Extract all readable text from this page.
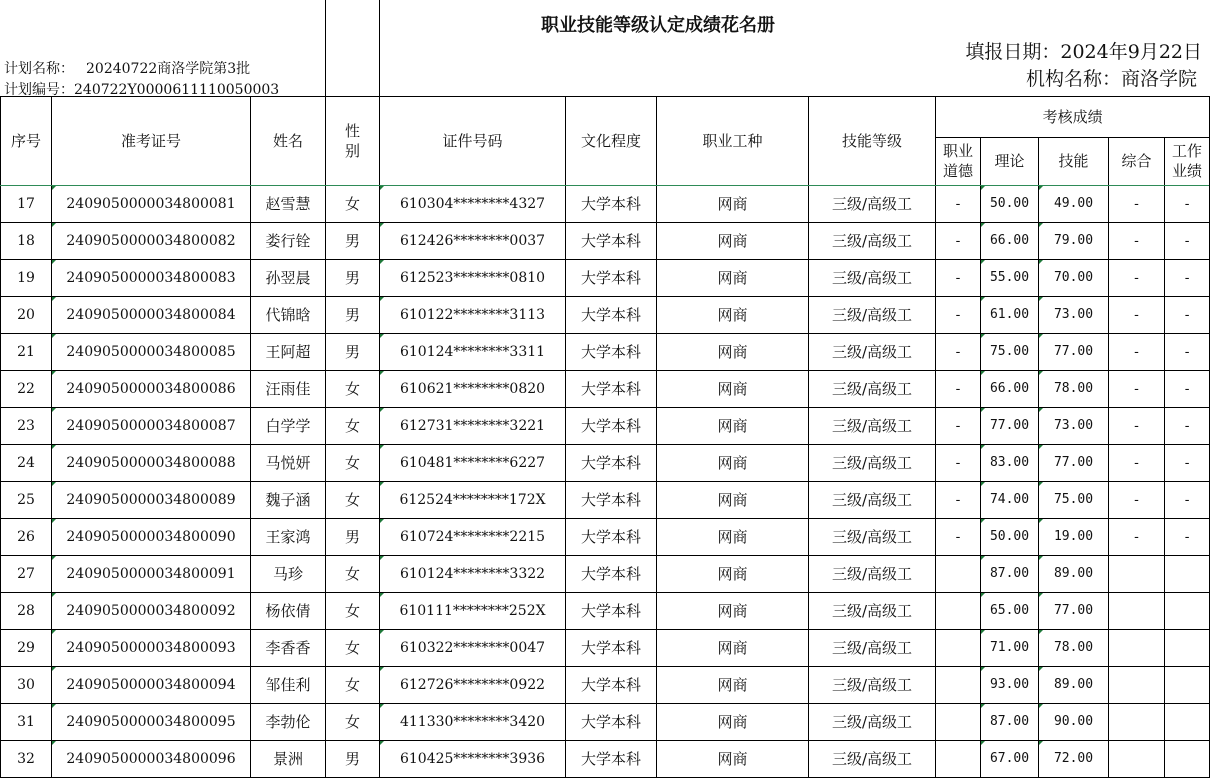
序号	准考证号	姓名	性别	证件号码	文化程度	职业工种	技能等级	考核成绩				
								职业道德	理论	技能	综合	工作业绩
17	2409050000034800081	赵雪慧	女	610304********4327	大学本科	网商	三级/高级工	-	50.00	49.00	-	-
18	2409050000034800082	娄行铨	男	612426********0037	大学本科	网商	三级/高级工	-	66.00	79.00	-	-
19	2409050000034800083	孙翌晨	男	612523********0810	大学本科	网商	三级/高级工	-	55.00	70.00	-	-
20	2409050000034800084	代锦晗	男	610122********3113	大学本科	网商	三级/高级工	-	61.00	73.00	-	-
21	2409050000034800085	王阿超	男	610124********3311	大学本科	网商	三级/高级工	-	75.00	77.00	-	-
22	2409050000034800086	汪雨佳	女	610621********0820	大学本科	网商	三级/高级工	-	66.00	78.00	-	-
23	2409050000034800087	白学学	女	612731********3221	大学本科	网商	三级/高级工	-	77.00	73.00	-	-
24	2409050000034800088	马悦妍	女	610481********6227	大学本科	网商	三级/高级工	-	83.00	77.00	-	-
25	2409050000034800089	魏子涵	女	612524********172X	大学本科	网商	三级/高级工	-	74.00	75.00	-	-
26	2409050000034800090	王家鸿	男	610724********2215	大学本科	网商	三级/高级工	-	50.00	19.00	-	-
27	2409050000034800091	马珍	女	610124********3322	大学本科	网商	三级/高级工		87.00	89.00		
28	2409050000034800092	杨依倩	女	610111********252X	大学本科	网商	三级/高级工		65.00	77.00		
29	2409050000034800093	李香香	女	610322********0047	大学本科	网商	三级/高级工		71.00	78.00		
30	2409050000034800094	邹佳利	女	612726********0922	大学本科	网商	三级/高级工		93.00	89.00		
31	2409050000034800095	李勃伦	女	411330********3420	大学本科	网商	三级/高级工		87.00	90.00		
32	2409050000034800096	景洲	男	610425********3936	大学本科	网商	三级/高级工		67.00	72.00		
职业技能等级认定成绩花名册
填报日期：2024年9月22日
机构名称：商洛学院
计划名称： 20240722商洛学院第3批
计划编号：240722Y0000611110050003
